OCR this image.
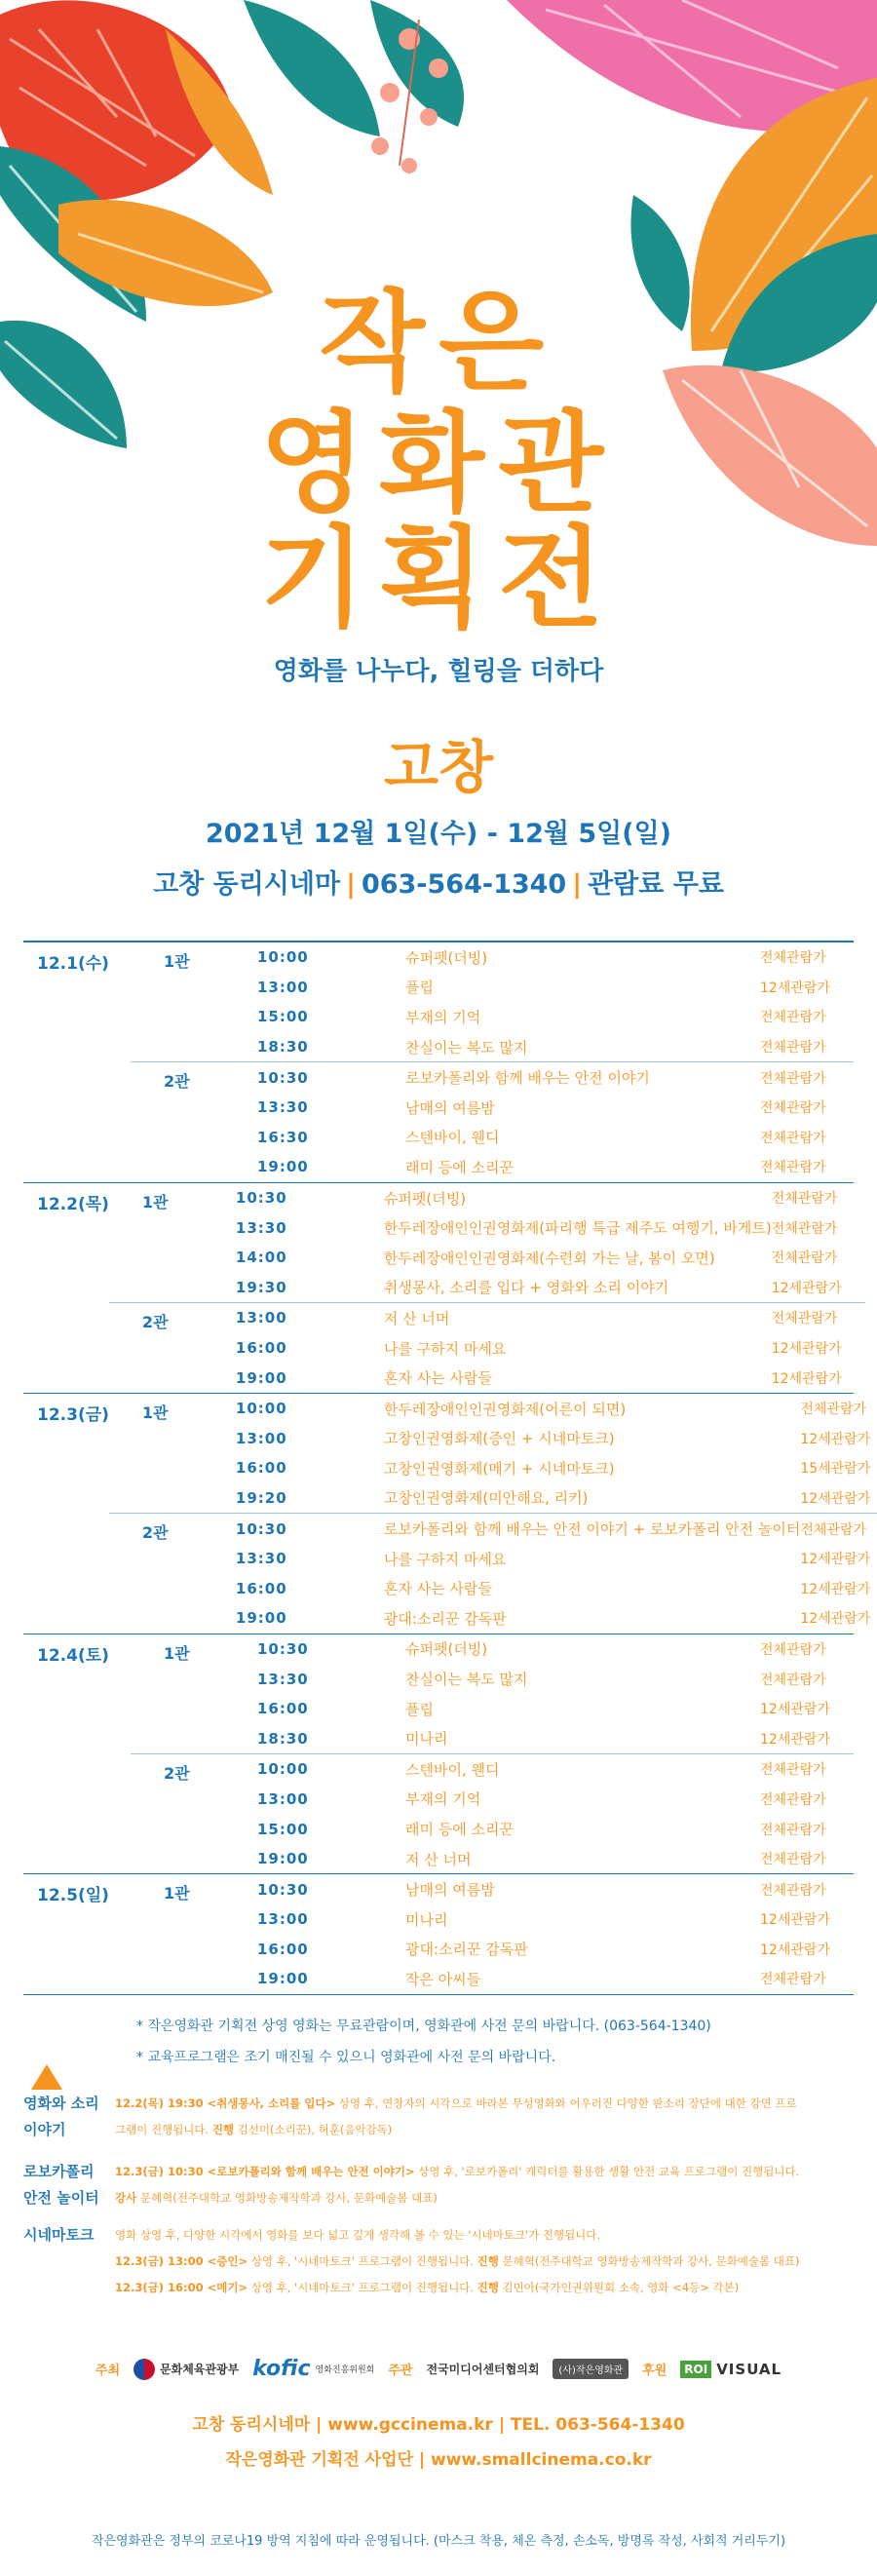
작은
영화관
기획전
영화를 나누다, 힐링을 더하다
고창
2021년 12월 1일(수) - 12월 5일(일)
고창 동리시네마 | 063-564-1340 | 관람료 무료
12.1(수)	1관	10:00	슈퍼펫(더빙)	전체관람가
13:00	플립	12세관람가
15:00	부재의 기억	전체관람가
18:30	찬실이는 복도 많지	전체관람가
2관	10:30	로보카폴리와 함께 배우는 안전 이야기	전체관람가
13:30	남매의 여름밤	전체관람가
16:30	스텐바이, 웬디	전체관람가
19:00	래미 등에 소리꾼	전체관람가
12.2(목)	1관	10:30	슈퍼펫(더빙)	전체관람가
13:30	한두레장애인인권영화제(파리행 특급 제주도 여행기, 바게트) 전체관람가
14:00	한두레장애인인권영화제(수련회 가는 날, 봄이 오면)	전체관람가
19:30	취생몽사, 소리를 입다 + 영화와 소리 이야기	12세관람가
2관	13:00	저 산 너머	전체관람가
16:00	나를 구하지 마세요	12세관람가
19:00	혼자 사는 사람들	12세관람가
12.3(금)	1관	10:00	한두레장애인인권영화제(어른이 되면)	전체관람가
13:00	고창인권영화제(증인 + 시네마토크)	12세관람가
16:00	고창인권영화제(메기 + 시네마토크)	15세관람가
19:20	고창인권영화제(미안해요, 리키)	12세관람가
2관	10:30	로보카폴리와 함께 배우는 안전 이야기 + 로보카폴리 안전 놀이터 전체관람가
13:30	나를 구하지 마세요	12세관람가
16:00	혼자 사는 사람들	12세관람가
19:00	광대:소리꾼 감독판	12세관람가
12.4(토)	1관	10:30	슈퍼펫(더빙)	전체관람가
13:30	찬실이는 복도 많지	전체관람가
16:00	플립	12세관람가
18:30	미나리	12세관람가
2관	10:00	스텐바이, 웬디	전체관람가
13:00	부재의 기억	전체관람가
15:00	래미 등에 소리꾼	전체관람가
19:00	저 산 너머	전체관람가
12.5(일)	1관	10:30	남매의 여름밤	전체관람가
13:00	미나리	12세관람가
16:00	광대:소리꾼 감독판	12세관람가
19:00	작은 아씨들	전체관람가
* 작은영화관 기획전 상영 영화는 무료관람이며, 영화관에 사전 문의 바랍니다. (063-564-1340)
* 교육프로그램은 조기 매진될 수 있으니 영화관에 사전 문의 바랍니다.
영화와 소리
이야기
12.2(목) 19:30 <취생몽사, 소리를 입다> 상영 후, 연창자의 시각으로 바라본 무성영화와 어우러진 다양한 판소리 장단에 대한 강연 프로
그램이 진행됩니다. 진행 김선미(소리꾼), 허훈(음악감독)
로보카폴리
안전 놀이터
12.3(금) 10:30 <로보카폴리와 함께 배우는 안전 이야기> 상영 후, '로보카폴리' 캐릭터를 활용한 생활 안전 교육 프로그램이 진행됩니다.
강사 문혜혁(전주대학교 영화방송제작학과 강사, 문화예술봄 대표)
시네마토크	영화 상영 후, 다양한 시각에서 영화를 보다 넓고 깊게 생각해 볼 수 있는 '시네마토크'가 진행됩니다.
12.3(금) 13:00 <증인> 상영 후, '시네마토크' 프로그램이 진행됩니다. 진행 문혜혁(전주대학교 영화방송제작학과 강사, 문화예술봄 대표)
12.3(금) 16:00 <메기> 상영 후, '시네마토크' 프로그램이 진행됩니다. 진행 김민아(국가인권위원회 소속, 영화 <4등> 각본)
주최	문화체육관광부 kofic 영화진흥위원회 주관 전국미디어센터협의회	(사)작은영화관	후원	ROI VISUAL
고창 동리시네마 | www.gccinema.kr | TEL. 063-564-1340
작은영화관 기획전 사업단 | www.smallcinema.co.kr
작은영화관은 정부의 코로나19 방역 지침에 따라 운영됩니다. (마스크 착용, 체온 측정, 손소독, 방명록 작성, 사회적 거리두기)
